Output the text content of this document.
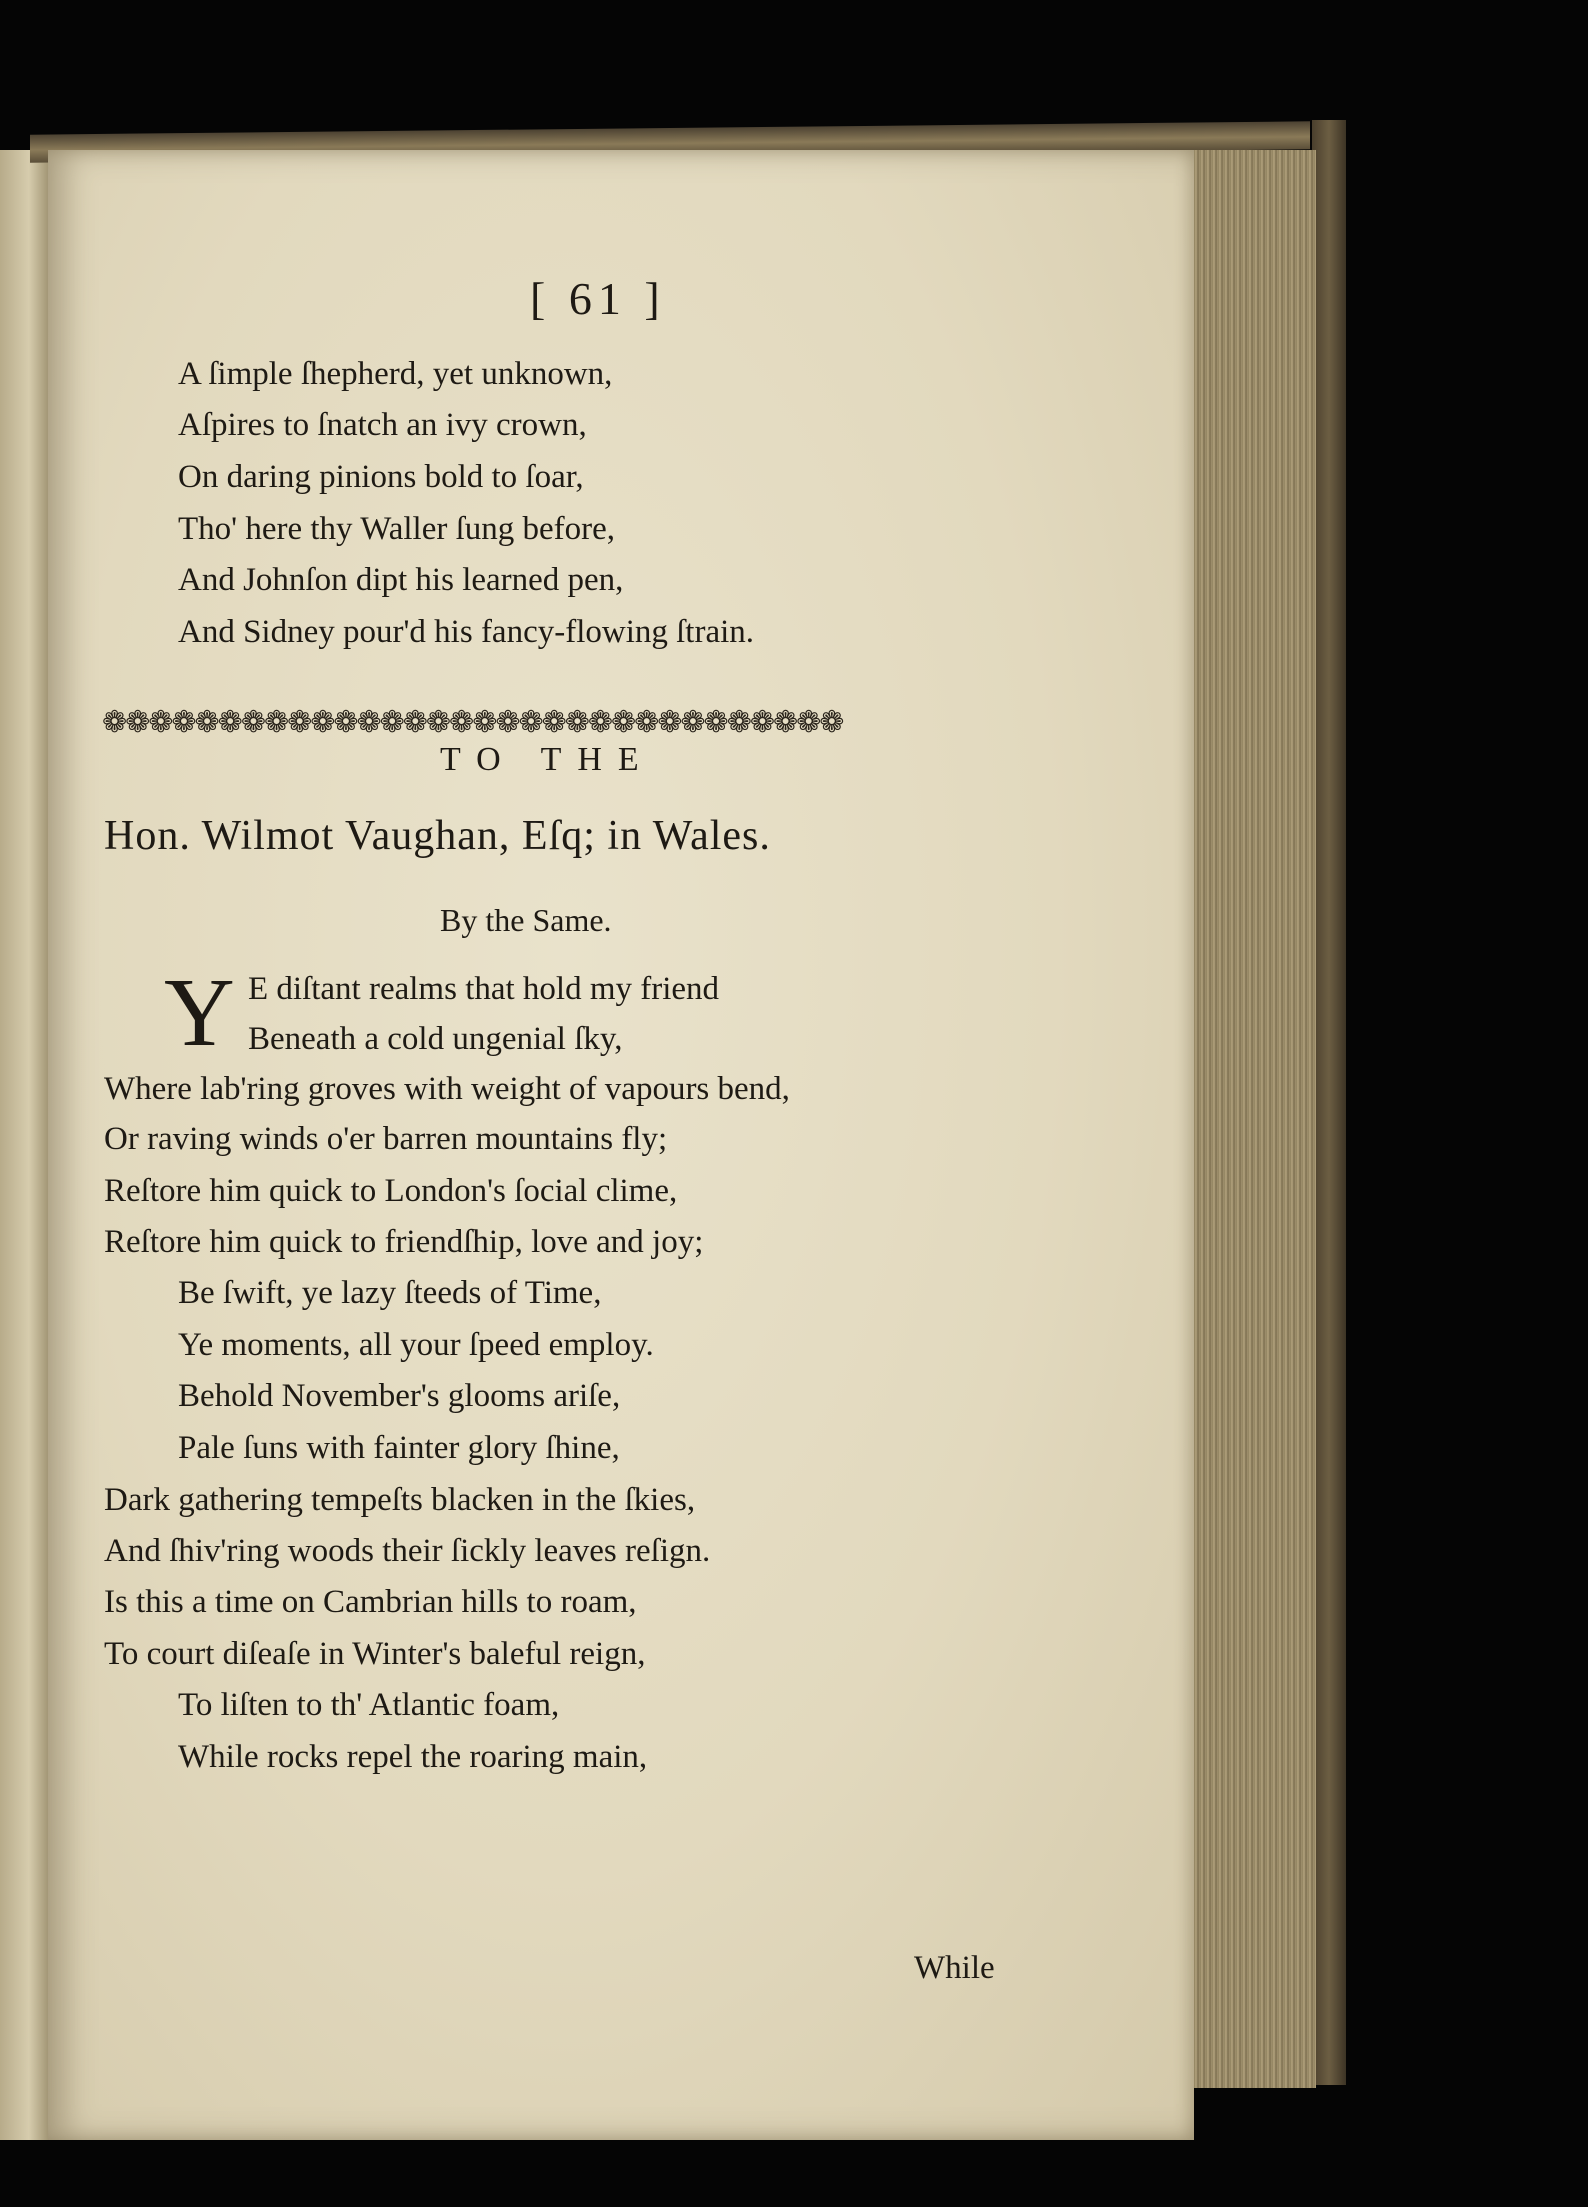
[ 61 ]
A ſimple ſhepherd, yet unknown,
Aſpires to ſnatch an ivy crown,
On daring pinions bold to ſoar,
Tho' here thy Waller ſung before,
And Johnſon dipt his learned pen,
And Sidney pour'd his fancy-flowing ſtrain.
❁❁❁❁❁❁❁❁❁❁❁❁❁❁❁❁❁❁❁❁❁❁❁❁❁❁❁❁❁❁❁❁
TO THE
Hon. Wilmot Vaughan, Eſq; in Wales.
By the Same.
Y E diſtant realms that hold my friend
Beneath a cold ungenial ſky,
Where lab'ring groves with weight of vapours bend,
Or raving winds o'er barren mountains fly;
Reſtore him quick to London's ſocial clime,
Reſtore him quick to friendſhip, love and joy;
Be ſwift, ye lazy ſteeds of Time,
Ye moments, all your ſpeed employ.
Behold November's glooms ariſe,
Pale ſuns with fainter glory ſhine,
Dark gathering tempeſts blacken in the ſkies,
And ſhiv'ring woods their ſickly leaves reſign.
Is this a time on Cambrian hills to roam,
To court diſeaſe in Winter's baleful reign,
To liſten to th' Atlantic foam,
While rocks repel the roaring main,
While
